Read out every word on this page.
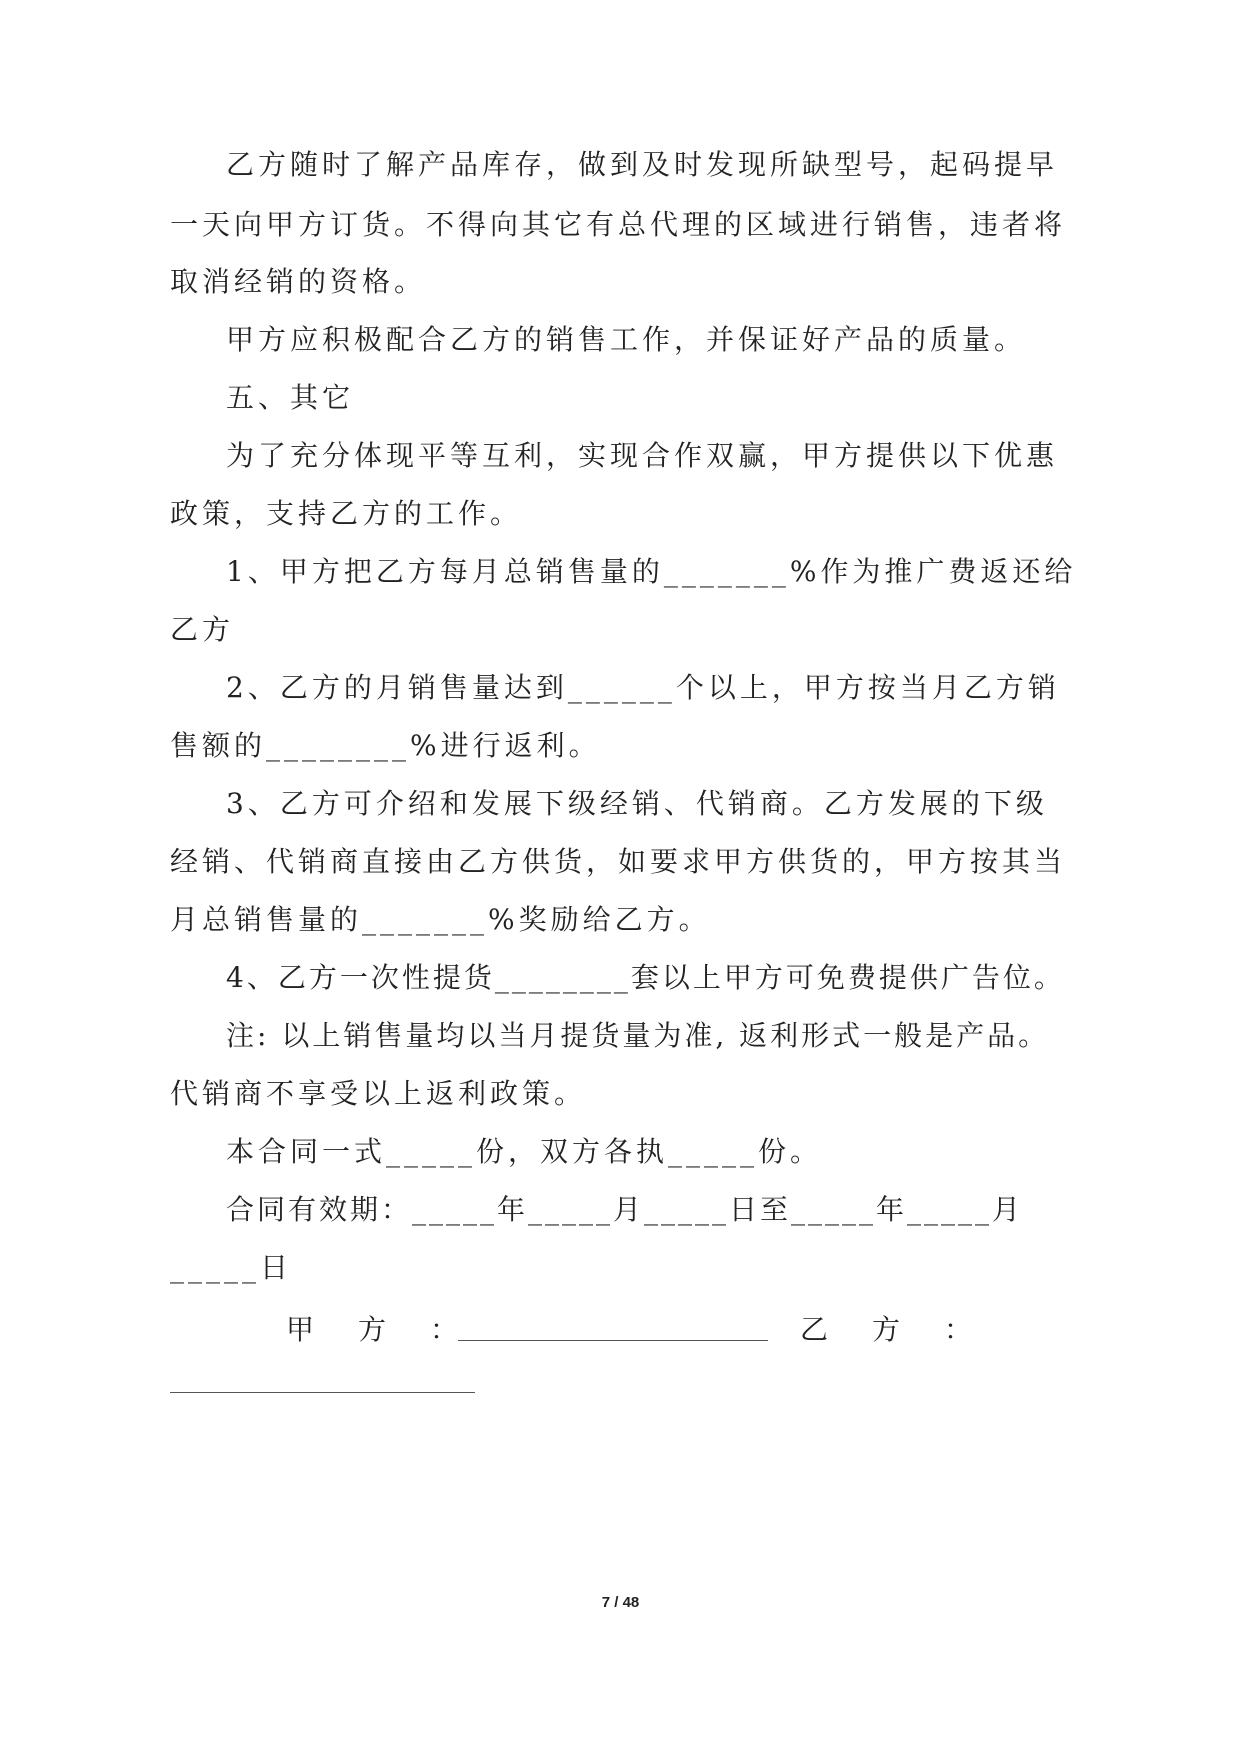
乙方随时了解产品库存，做到及时发现所缺型号，起码提早
一天向甲方订货。不得向其它有总代理的区域进行销售，违者将
取消经销的资格。
甲方应积极配合乙方的销售工作，并保证好产品的质量。
五、其它
为了充分体现平等互利，实现合作双赢，甲方提供以下优惠
政策，支持乙方的工作。
1、甲方把乙方每月总销售量的_______%作为推广费返还给
乙方
2、乙方的月销售量达到______个以上，甲方按当月乙方销
售额的________%进行返利。
3、乙方可介绍和发展下级经销、代销商。乙方发展的下级
经销、代销商直接由乙方供货，如要求甲方供货的，甲方按其当
月总销售量的_______%奖励给乙方。
4、乙方一次性提货________套以上甲方可免费提供广告位。
注: 以上销售量均以当月提货量为准, 返利形式一般是产品。
代销商不享受以上返利政策。
本合同一式_____份，双方各执_____份。
合同有效期：_____年_____月_____日至_____年_____月
_____日
甲　方　：	乙　方　：
7 / 48
